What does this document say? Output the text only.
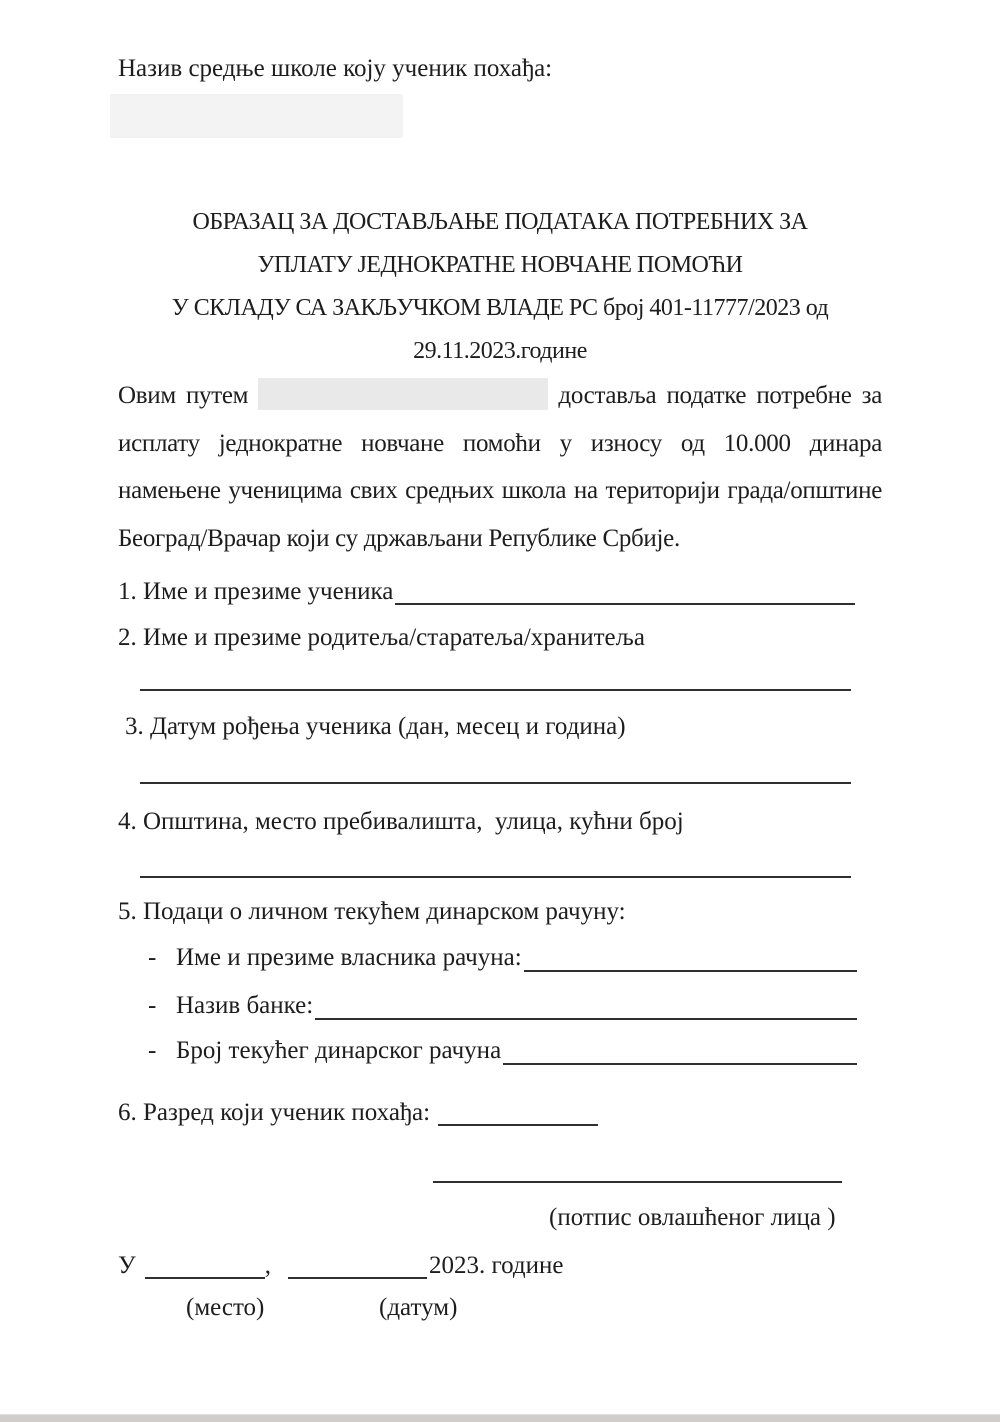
Назив средње школе коју ученик похађа:
ОБРАЗАЦ ЗА ДОСТАВЉАЊЕ ПОДАТАКА ПОТРЕБНИХ ЗА
УПЛАТУ ЈЕДНОКРАТНЕ НОВЧАНЕ ПОМОЋИ
У СКЛАДУ СА ЗАКЉУЧКОМ ВЛАДЕ РС број 401-11777/2023 од
29.11.2023.године
Овим путем	доставља податке потребне за
исплату једнократне новчане помоћи у износу од 10.000 динара
намењене ученицима свих средњих школа на територији града/општине
Београд/Врачар који су држављани Републике Србије.
1. Име и презиме ученика
2. Име и презиме родитеља/старатеља/хранитеља
3. Датум рођења ученика (дан, месец и година)
4. Општина, место пребивалишта,  улица, кућни број
5. Подаци о личном текућем динарском рачуну:
- Име и презиме власника рачуна:
- Назив банке:
- Број текућег динарског рачуна
6. Разред који ученик похађа:
(потпис овлашћеног лица )
У	,	2023. године
(место)	(датум)
